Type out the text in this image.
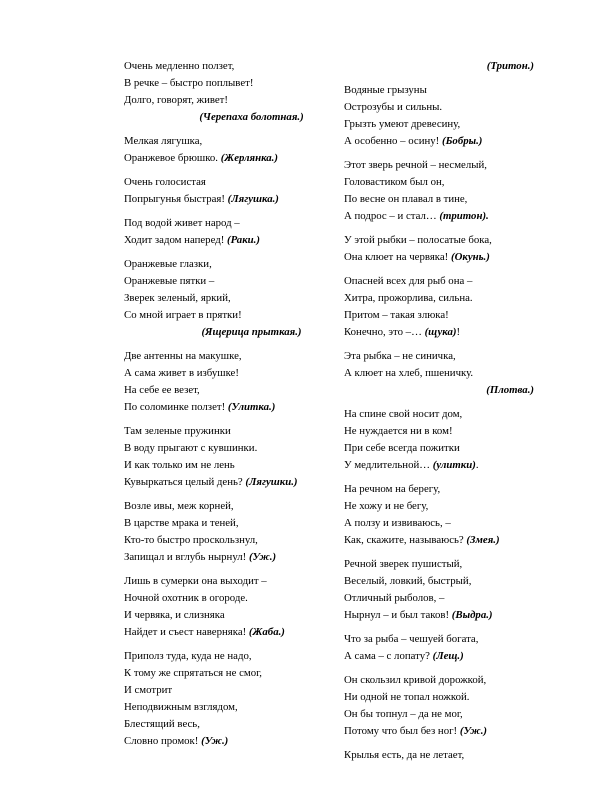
Очень медленно ползет,
В речке – быстро поплывет!
Долго, говорят, живет!
(Черепаха болотная.)
Мелкая лягушка,
Оранжевое брюшко. (Жерлянка.)
Очень голосистая
Попрыгунья быстрая! (Лягушка.)
Под водой живет народ –
Ходит задом наперед! (Раки.)
Оранжевые глазки,
Оранжевые пятки –
Зверек зеленый, яркий,
Со мной играет в прятки!
(Ящерица прыткая.)
Две антенны на макушке,
А сама живет в избушке!
На себе ее везет,
По соломинке ползет! (Улитка.)
Там зеленые пружинки
В воду прыгают с кувшинки.
И как только им не лень
Кувыркаться целый день? (Лягушки.)
Возле ивы, меж корней,
В царстве мрака и теней,
Кто-то быстро проскользнул,
Запищал и вглубь нырнул! (Уж.)
Лишь в сумерки она выходит –
Ночной охотник в огороде.
И червяка, и слизняка
Найдет и съест наверняка! (Жаба.)
Приполз туда, куда не надо,
К тому же спрятаться не смог,
И смотрит
Неподвижным взглядом,
Блестящий весь,
Словно промок! (Уж.)
(Тритон.)
Водяные грызуны
Острозубы и сильны.
Грызть умеют древесину,
А особенно – осину! (Бобры.)
Этот зверь речной – несмелый,
Головастиком был он,
По весне он плавал в тине,
А подрос – и стал… (тритон).
У этой рыбки – полосатые бока,
Она клюет на червяка! (Окунь.)
Опасней всех для рыб она –
Хитра, прожорлива, сильна.
Притом – такая злюка!
Конечно, это –… (щука)!
Эта рыбка – не синичка,
А клюет на хлеб, пшеничку.
(Плотва.)
На спине свой носит дом,
Не нуждается ни в ком!
При себе всегда пожитки
У медлительной… (улитки).
На речном на берегу,
Не хожу и не бегу,
А ползу и извиваюсь, –
Как, скажите, называюсь? (Змея.)
Речной зверек пушистый,
Веселый, ловкий, быстрый,
Отличный рыболов, –
Нырнул – и был таков! (Выдра.)
Что за рыба – чешуей богата,
А сама – с лопату? (Лещ.)
Он скользил кривой дорожкой,
Ни одной не топал ножкой.
Он бы топнул – да не мог,
Потому что был без ног! (Уж.)
Крылья есть, да не летает,
